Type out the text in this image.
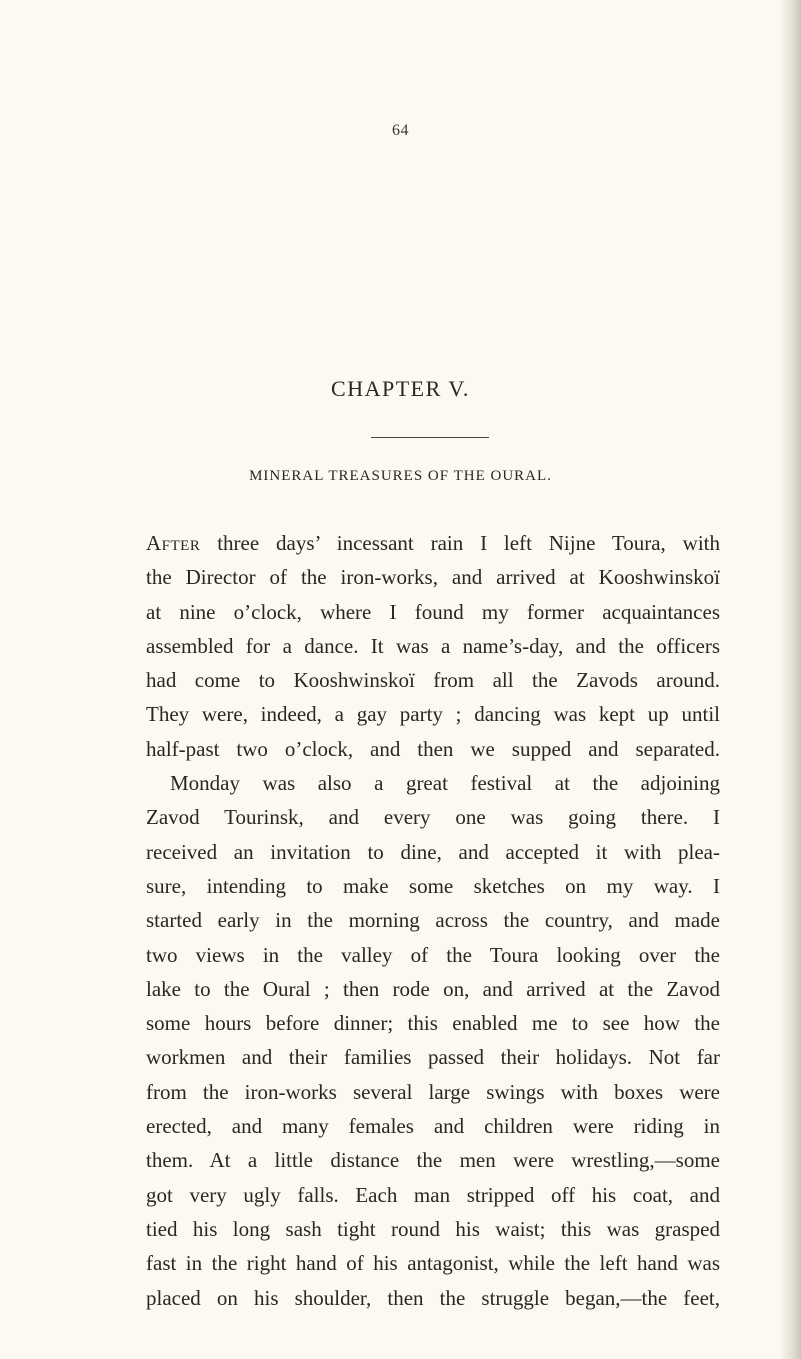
64
CHAPTER V.
MINERAL TREASURES OF THE OURAL.
After three days’ incessant rain I left Nijne Toura, with
the Director of the iron-works, and arrived at Kooshwinskoï
at nine o’clock, where I found my former acquaintances
assembled for a dance. It was a name’s-day, and the officers
had come to Kooshwinskoï from all the Zavods around.
They were, indeed, a gay party ; dancing was kept up until
half-past two o’clock, and then we supped and separated.
Monday was also a great festival at the adjoining
Zavod Tourinsk, and every one was going there. I
received an invitation to dine, and accepted it with plea-
sure, intending to make some sketches on my way. I
started early in the morning across the country, and made
two views in the valley of the Toura looking over the
lake to the Oural ; then rode on, and arrived at the Zavod
some hours before dinner; this enabled me to see how the
workmen and their families passed their holidays. Not far
from the iron-works several large swings with boxes were
erected, and many females and children were riding in
them. At a little distance the men were wrestling,—some
got very ugly falls. Each man stripped off his coat, and
tied his long sash tight round his waist; this was grasped
fast in the right hand of his antagonist, while the left hand was
placed on his shoulder, then the struggle began,—the feet,
